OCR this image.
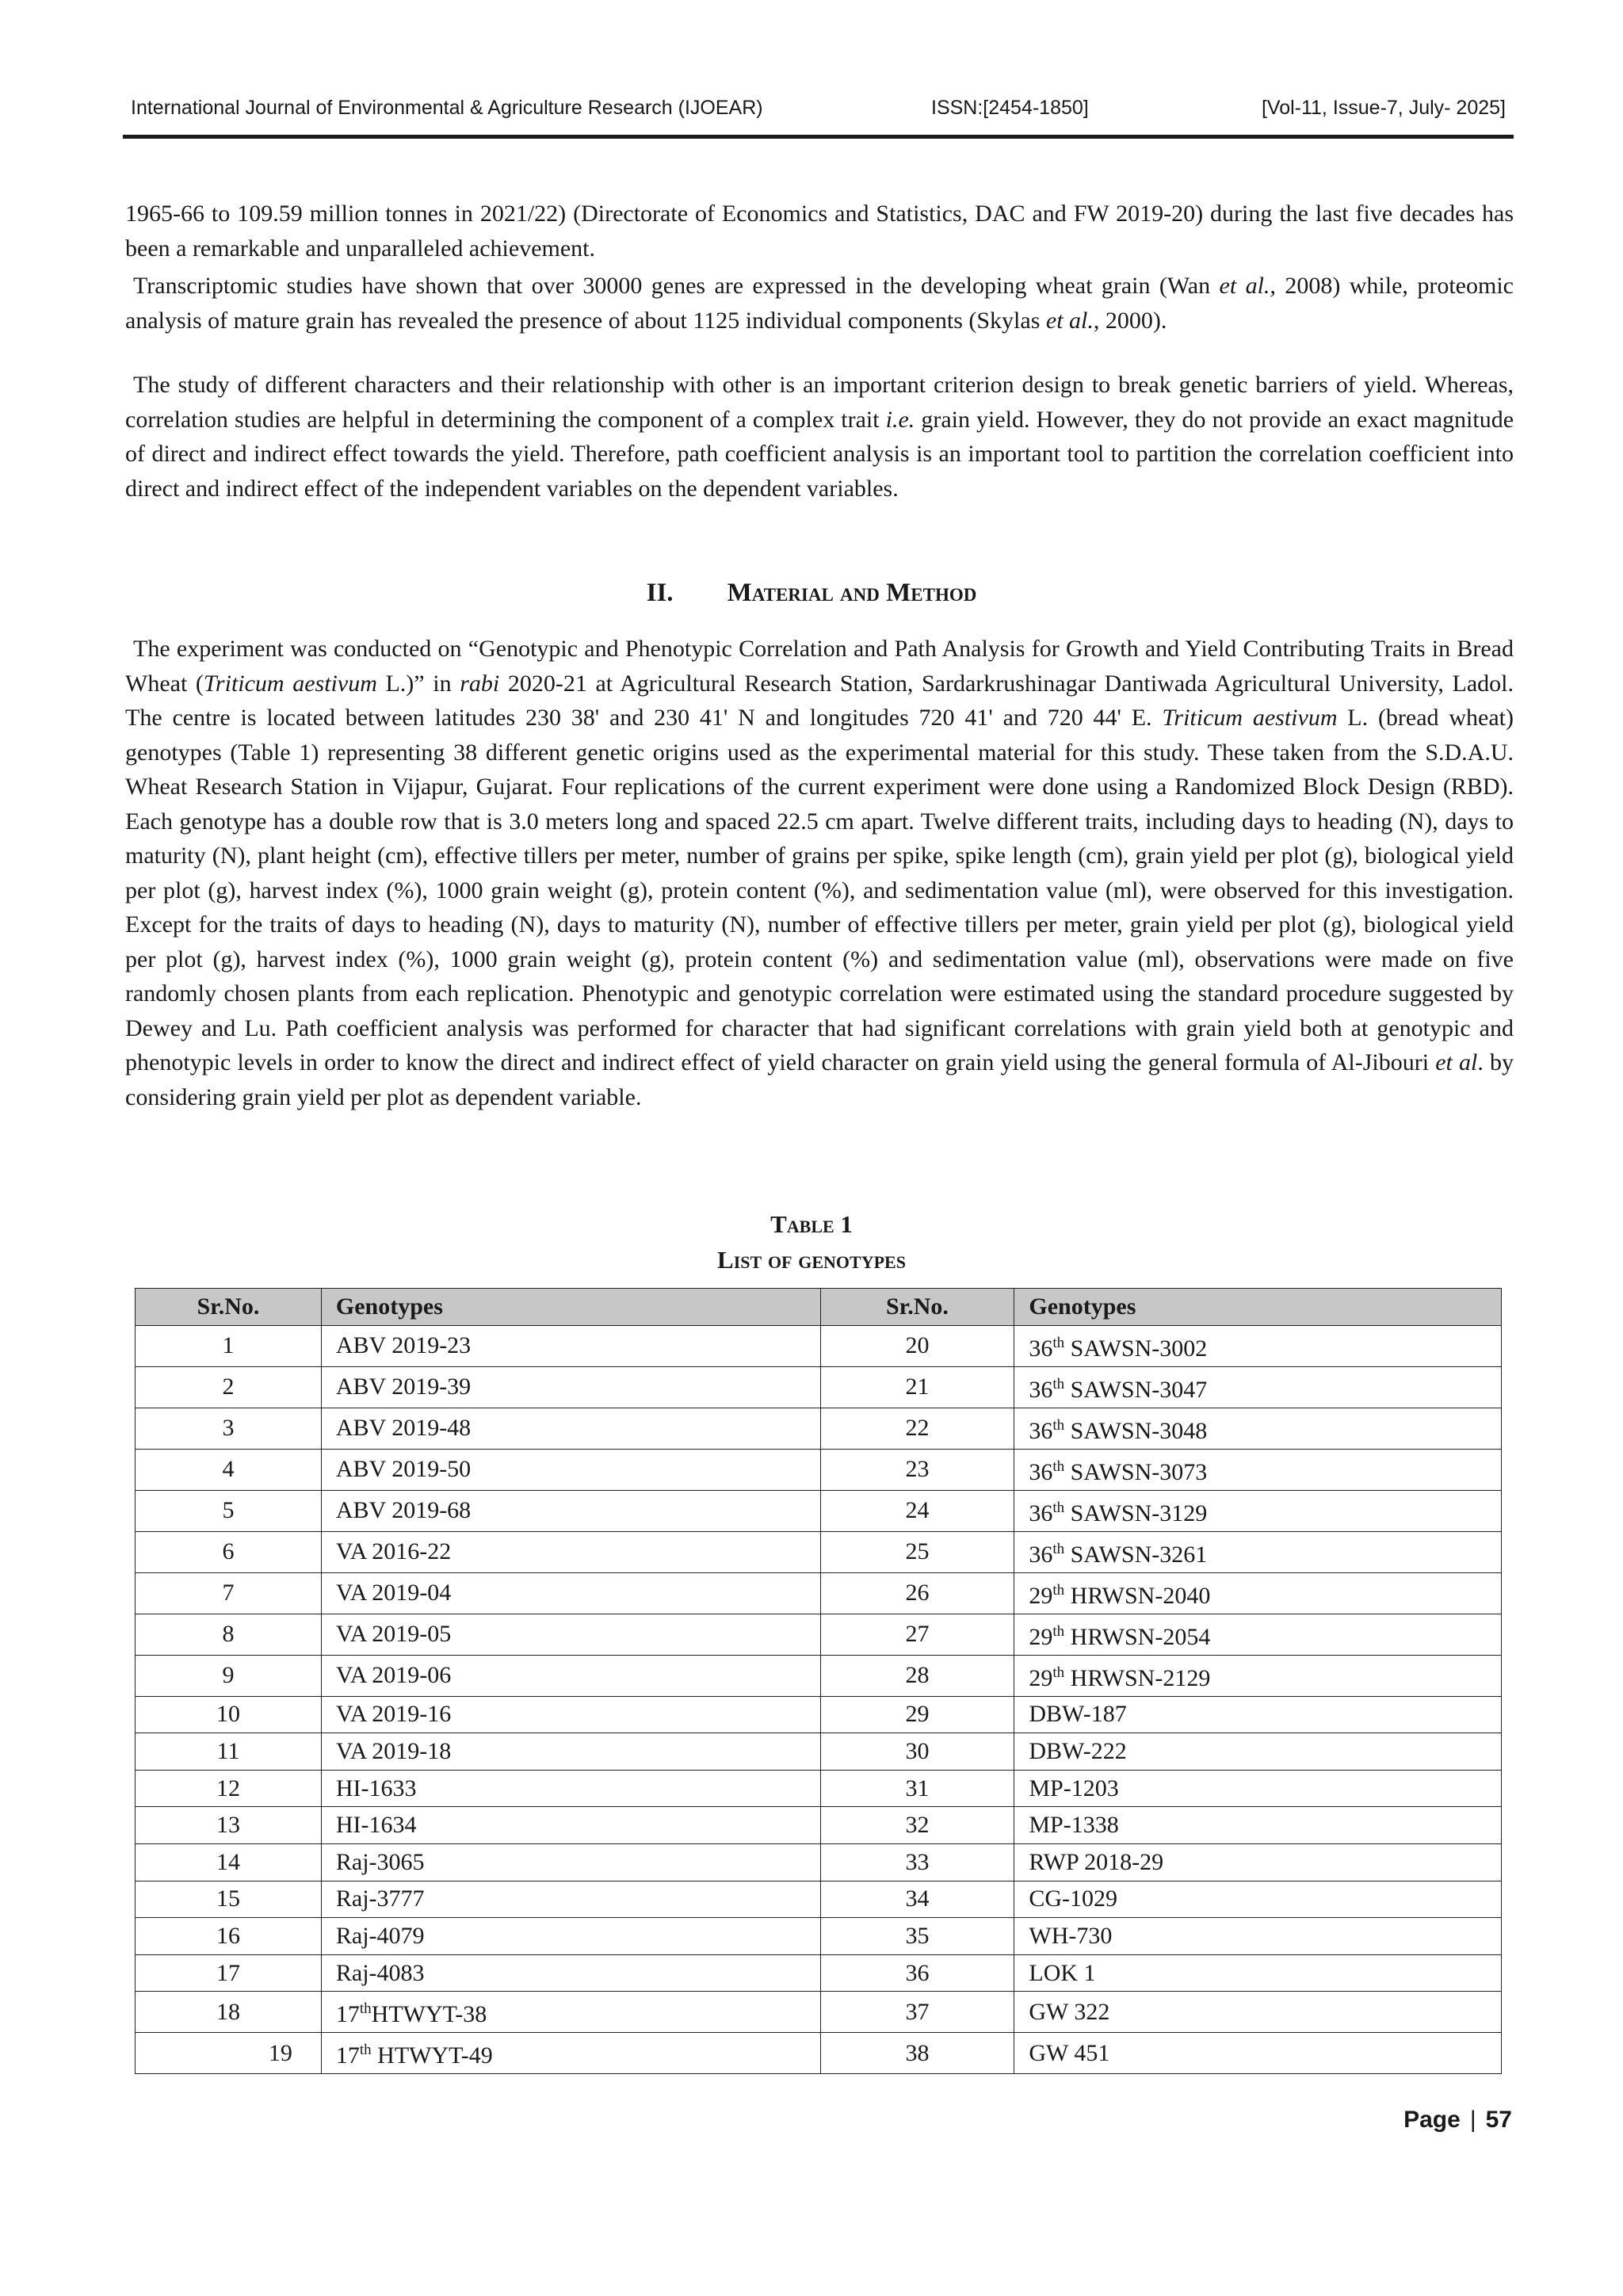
International Journal of Environmental & Agriculture Research (IJOEAR)	ISSN:[2454-1850]	[Vol-11, Issue-7, July- 2025]

1965-66 to 109.59 million tonnes in 2021/22) (Directorate of Economics and Statistics, DAC and FW 2019-20) during the last five decades has been a remarkable and unparalleled achievement.

Transcriptomic studies have shown that over 30000 genes are expressed in the developing wheat grain (Wan et al., 2008) while, proteomic analysis of mature grain has revealed the presence of about 1125 individual components (Skylas et al., 2000).

The study of different characters and their relationship with other is an important criterion design to break genetic barriers of yield. Whereas, correlation studies are helpful in determining the component of a complex trait i.e. grain yield. However, they do not provide an exact magnitude of direct and indirect effect towards the yield. Therefore, path coefficient analysis is an important tool to partition the correlation coefficient into direct and indirect effect of the independent variables on the dependent variables.

II. Material and Method

The experiment was conducted on “Genotypic and Phenotypic Correlation and Path Analysis for Growth and Yield Contributing Traits in Bread Wheat (Triticum aestivum L.)” in rabi 2020-21 at Agricultural Research Station, Sardarkrushinagar Dantiwada Agricultural University, Ladol. The centre is located between latitudes 230 38' and 230 41' N and longitudes 720 41' and 720 44' E. Triticum aestivum L. (bread wheat) genotypes (Table 1) representing 38 different genetic origins used as the experimental material for this study. These taken from the S.D.A.U. Wheat Research Station in Vijapur, Gujarat. Four replications of the current experiment were done using a Randomized Block Design (RBD). Each genotype has a double row that is 3.0 meters long and spaced 22.5 cm apart. Twelve different traits, including days to heading (N), days to maturity (N), plant height (cm), effective tillers per meter, number of grains per spike, spike length (cm), grain yield per plot (g), biological yield per plot (g), harvest index (%), 1000 grain weight (g), protein content (%), and sedimentation value (ml), were observed for this investigation. Except for the traits of days to heading (N), days to maturity (N), number of effective tillers per meter, grain yield per plot (g), biological yield per plot (g), harvest index (%), 1000 grain weight (g), protein content (%) and sedimentation value (ml), observations were made on five randomly chosen plants from each replication. Phenotypic and genotypic correlation were estimated using the standard procedure suggested by Dewey and Lu. Path coefficient analysis was performed for character that had significant correlations with grain yield both at genotypic and phenotypic levels in order to know the direct and indirect effect of yield character on grain yield using the general formula of Al-Jibouri et al. by considering grain yield per plot as dependent variable.

Table 1
List of genotypes
Sr.No.	Genotypes	Sr.No.	Genotypes
1	ABV 2019-23	20	36th SAWSN-3002
2	ABV 2019-39	21	36th SAWSN-3047
3	ABV 2019-48	22	36th SAWSN-3048
4	ABV 2019-50	23	36th SAWSN-3073
5	ABV 2019-68	24	36th SAWSN-3129
6	VA 2016-22	25	36th SAWSN-3261
7	VA 2019-04	26	29th HRWSN-2040
8	VA 2019-05	27	29th HRWSN-2054
9	VA 2019-06	28	29th HRWSN-2129
10	VA 2019-16	29	DBW-187
11	VA 2019-18	30	DBW-222
12	HI-1633	31	MP-1203
13	HI-1634	32	MP-1338
14	Raj-3065	33	RWP 2018-29
15	Raj-3777	34	CG-1029
16	Raj-4079	35	WH-730
17	Raj-4083	36	LOK 1
18	17thHTWYT-38	37	GW 322
19	17th HTWYT-49	38	GW 451
Page | 57
